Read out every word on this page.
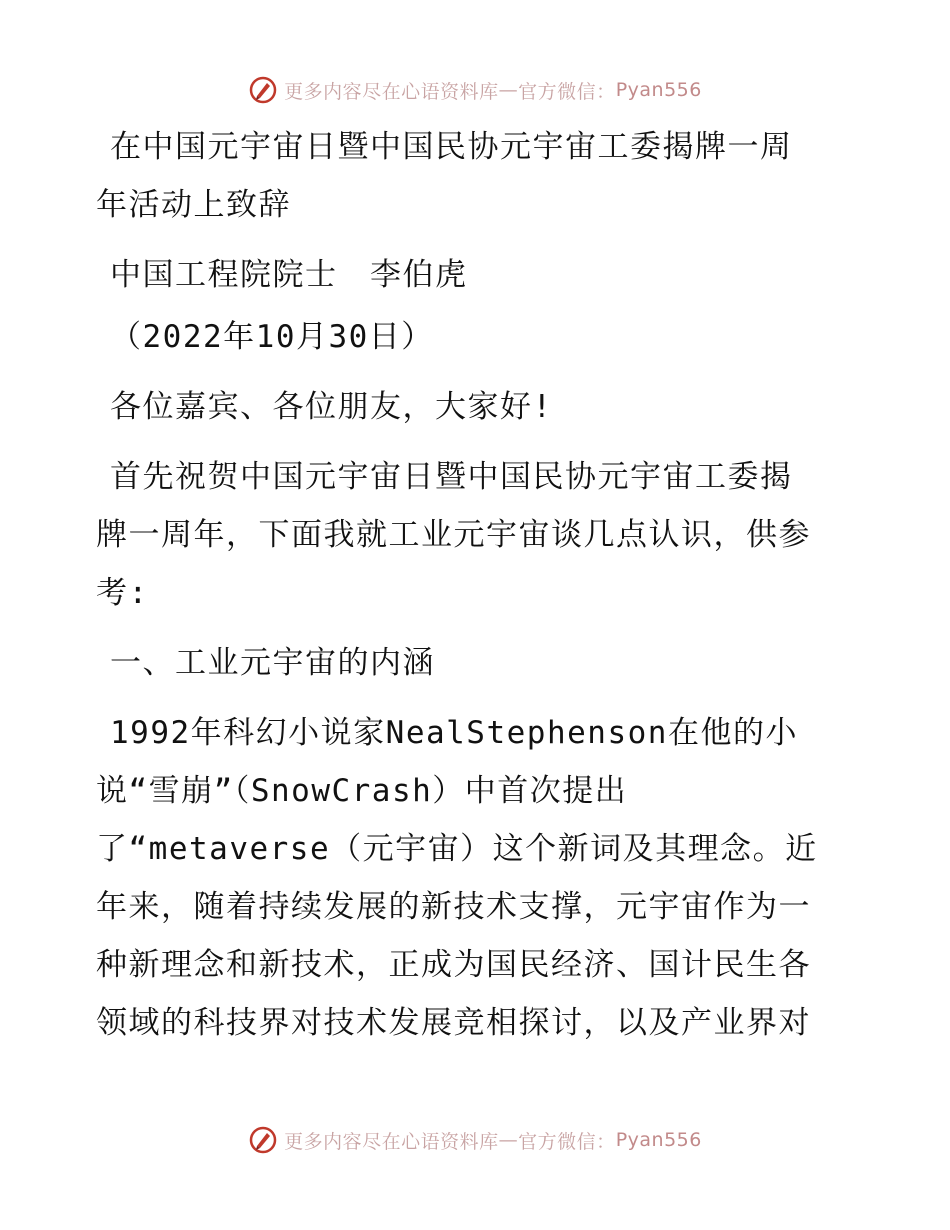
更多内容尽在心语资料库 — 官方微信： Pyan556
在中国元宇宙日暨中国民协元宇宙工委揭牌一周
年活动上致辞
中国工程院院士　李伯虎
（2022年10月30日）
各位嘉宾、各位朋友，大家好!
首先祝贺中国元宇宙日暨中国民协元宇宙工委揭
牌一周年，下面我就工业元宇宙谈几点认识，供参
考:
一、工业元宇宙的内涵
1992年科幻小说家NealStephenson在他的小
说“雪崩”（SnowCrash）中首次提出
了“metaverse（元宇宙）这个新词及其理念。近
年来，随着持续发展的新技术支撑，元宇宙作为一
种新理念和新技术，正成为国民经济、国计民生各
领域的科技界对技术发展竞相探讨，以及产业界对
更多内容尽在心语资料库 — 官方微信： Pyan556
